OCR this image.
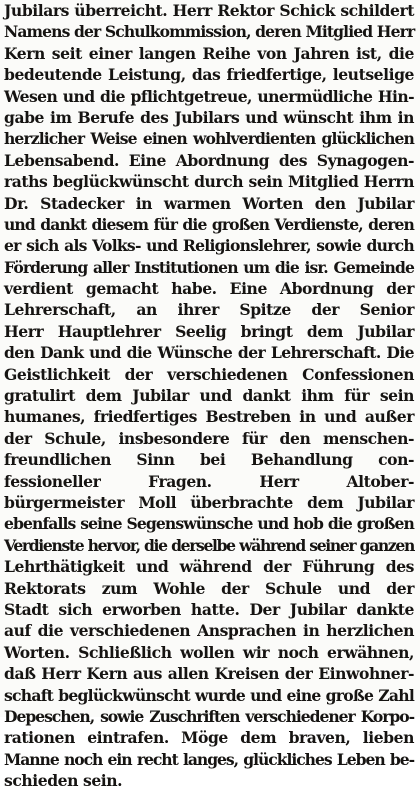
Jubilars überreicht. Herr Rektor Schick schildert
Namens der Schulkommission, deren Mitglied Herr
Kern seit einer langen Reihe von Jahren ist, die
bedeutende Leistung, das friedfertige, leutselige
Wesen und die pflichtgetreue, unermüdliche Hin-
gabe im Berufe des Jubilars und wünscht ihm in
herzlicher Weise einen wohlverdienten glücklichen
Lebensabend. Eine Abordnung des Synagogen-
raths beglückwünscht durch sein Mitglied Herrn
Dr. Stadecker in warmen Worten den Jubilar
und dankt diesem für die großen Verdienste, deren
er sich als Volks- und Religionslehrer, sowie durch
Förderung aller Institutionen um die isr. Gemeinde
verdient gemacht habe. Eine Abordnung der
Lehrerschaft, an ihrer Spitze der Senior
Herr Hauptlehrer Seelig bringt dem Jubilar
den Dank und die Wünsche der Lehrerschaft. Die
Geistlichkeit der verschiedenen Confessionen
gratulirt dem Jubilar und dankt ihm für sein
humanes, friedfertiges Bestreben in und außer
der Schule, insbesondere für den menschen-
freundlichen Sinn bei Behandlung con-
fessioneller Fragen. Herr Altober-
bürgermeister Moll überbrachte dem Jubilar
ebenfalls seine Segenswünsche und hob die großen
Verdienste hervor, die derselbe während seiner ganzen
Lehrthätigkeit und während der Führung des
Rektorats zum Wohle der Schule und der
Stadt sich erworben hatte. Der Jubilar dankte
auf die verschiedenen Ansprachen in herzlichen
Worten. Schließlich wollen wir noch erwähnen,
daß Herr Kern aus allen Kreisen der Einwohner-
schaft beglückwünscht wurde und eine große Zahl
Depeschen, sowie Zuschriften verschiedener Korpo-
rationen eintrafen. Möge dem braven, lieben
Manne noch ein recht langes, glückliches Leben be-
schieden sein.
